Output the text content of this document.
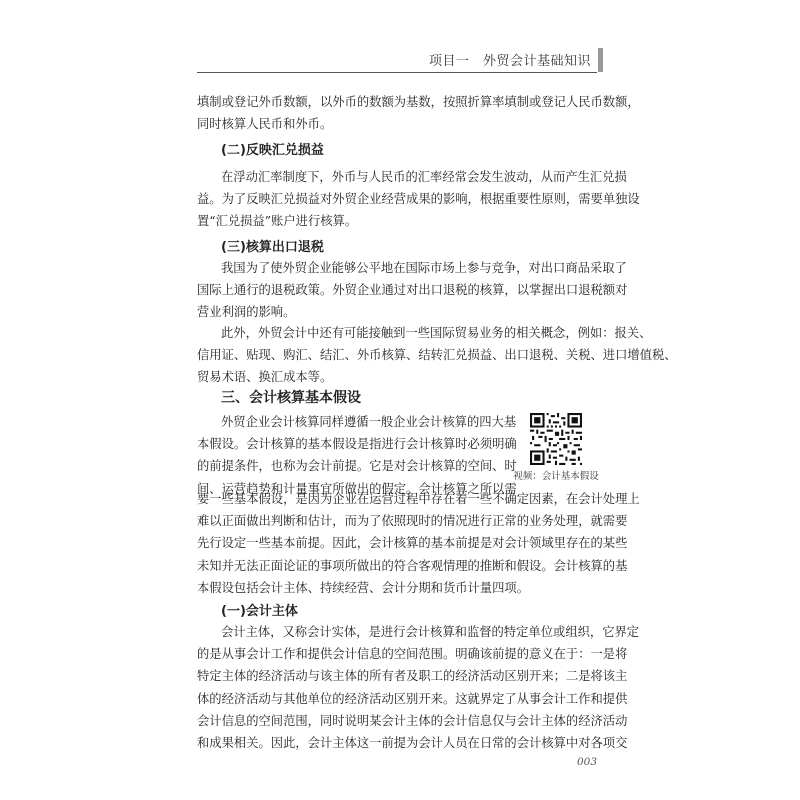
项目一　外贸会计基础知识
填制或登记外币数额，以外币的数额为基数，按照折算率填制或登记人民币数额，
同时核算人民币和外币。
(二)反映汇兑损益
在浮动汇率制度下，外币与人民币的汇率经常会发生波动，从而产生汇兑损
益。为了反映汇兑损益对外贸企业经营成果的影响，根据重要性原则，需要单独设
置“汇兑损益”账户进行核算。
(三)核算出口退税
我国为了使外贸企业能够公平地在国际市场上参与竞争，对出口商品采取了
国际上通行的退税政策。外贸企业通过对出口退税的核算，以掌握出口退税额对
营业利润的影响。
此外，外贸会计中还有可能接触到一些国际贸易业务的相关概念，例如：报关、
信用证、贴现、购汇、结汇、外币核算、结转汇兑损益、出口退税、关税、进口增值税、
贸易术语、换汇成本等。
三、会计核算基本假设
外贸企业会计核算同样遵循一般企业会计核算的四大基
本假设。会计核算的基本假设是指进行会计核算时必须明确
的前提条件，也称为会计前提。它是对会计核算的空间、时
间、运营趋势和计量事宜所做出的假定。会计核算之所以需
视频：会计基本假设
要一些基本假设，是因为企业在运营过程中存在着一些不确定因素，在会计处理上
难以正面做出判断和估计，而为了依照现时的情况进行正常的业务处理，就需要
先行设定一些基本前提。因此，会计核算的基本前提是对会计领域里存在的某些
未知并无法正面论证的事项所做出的符合客观情理的推断和假设。会计核算的基
本假设包括会计主体、持续经营、会计分期和货币计量四项。
(一)会计主体
会计主体，又称会计实体，是进行会计核算和监督的特定单位或组织，它界定
的是从事会计工作和提供会计信息的空间范围。明确该前提的意义在于：一是将
特定主体的经济活动与该主体的所有者及职工的经济活动区别开来；二是将该主
体的经济活动与其他单位的经济活动区别开来。这就界定了从事会计工作和提供
会计信息的空间范围，同时说明某会计主体的会计信息仅与会计主体的经济活动
和成果相关。因此，会计主体这一前提为会计人员在日常的会计核算中对各项交
003
